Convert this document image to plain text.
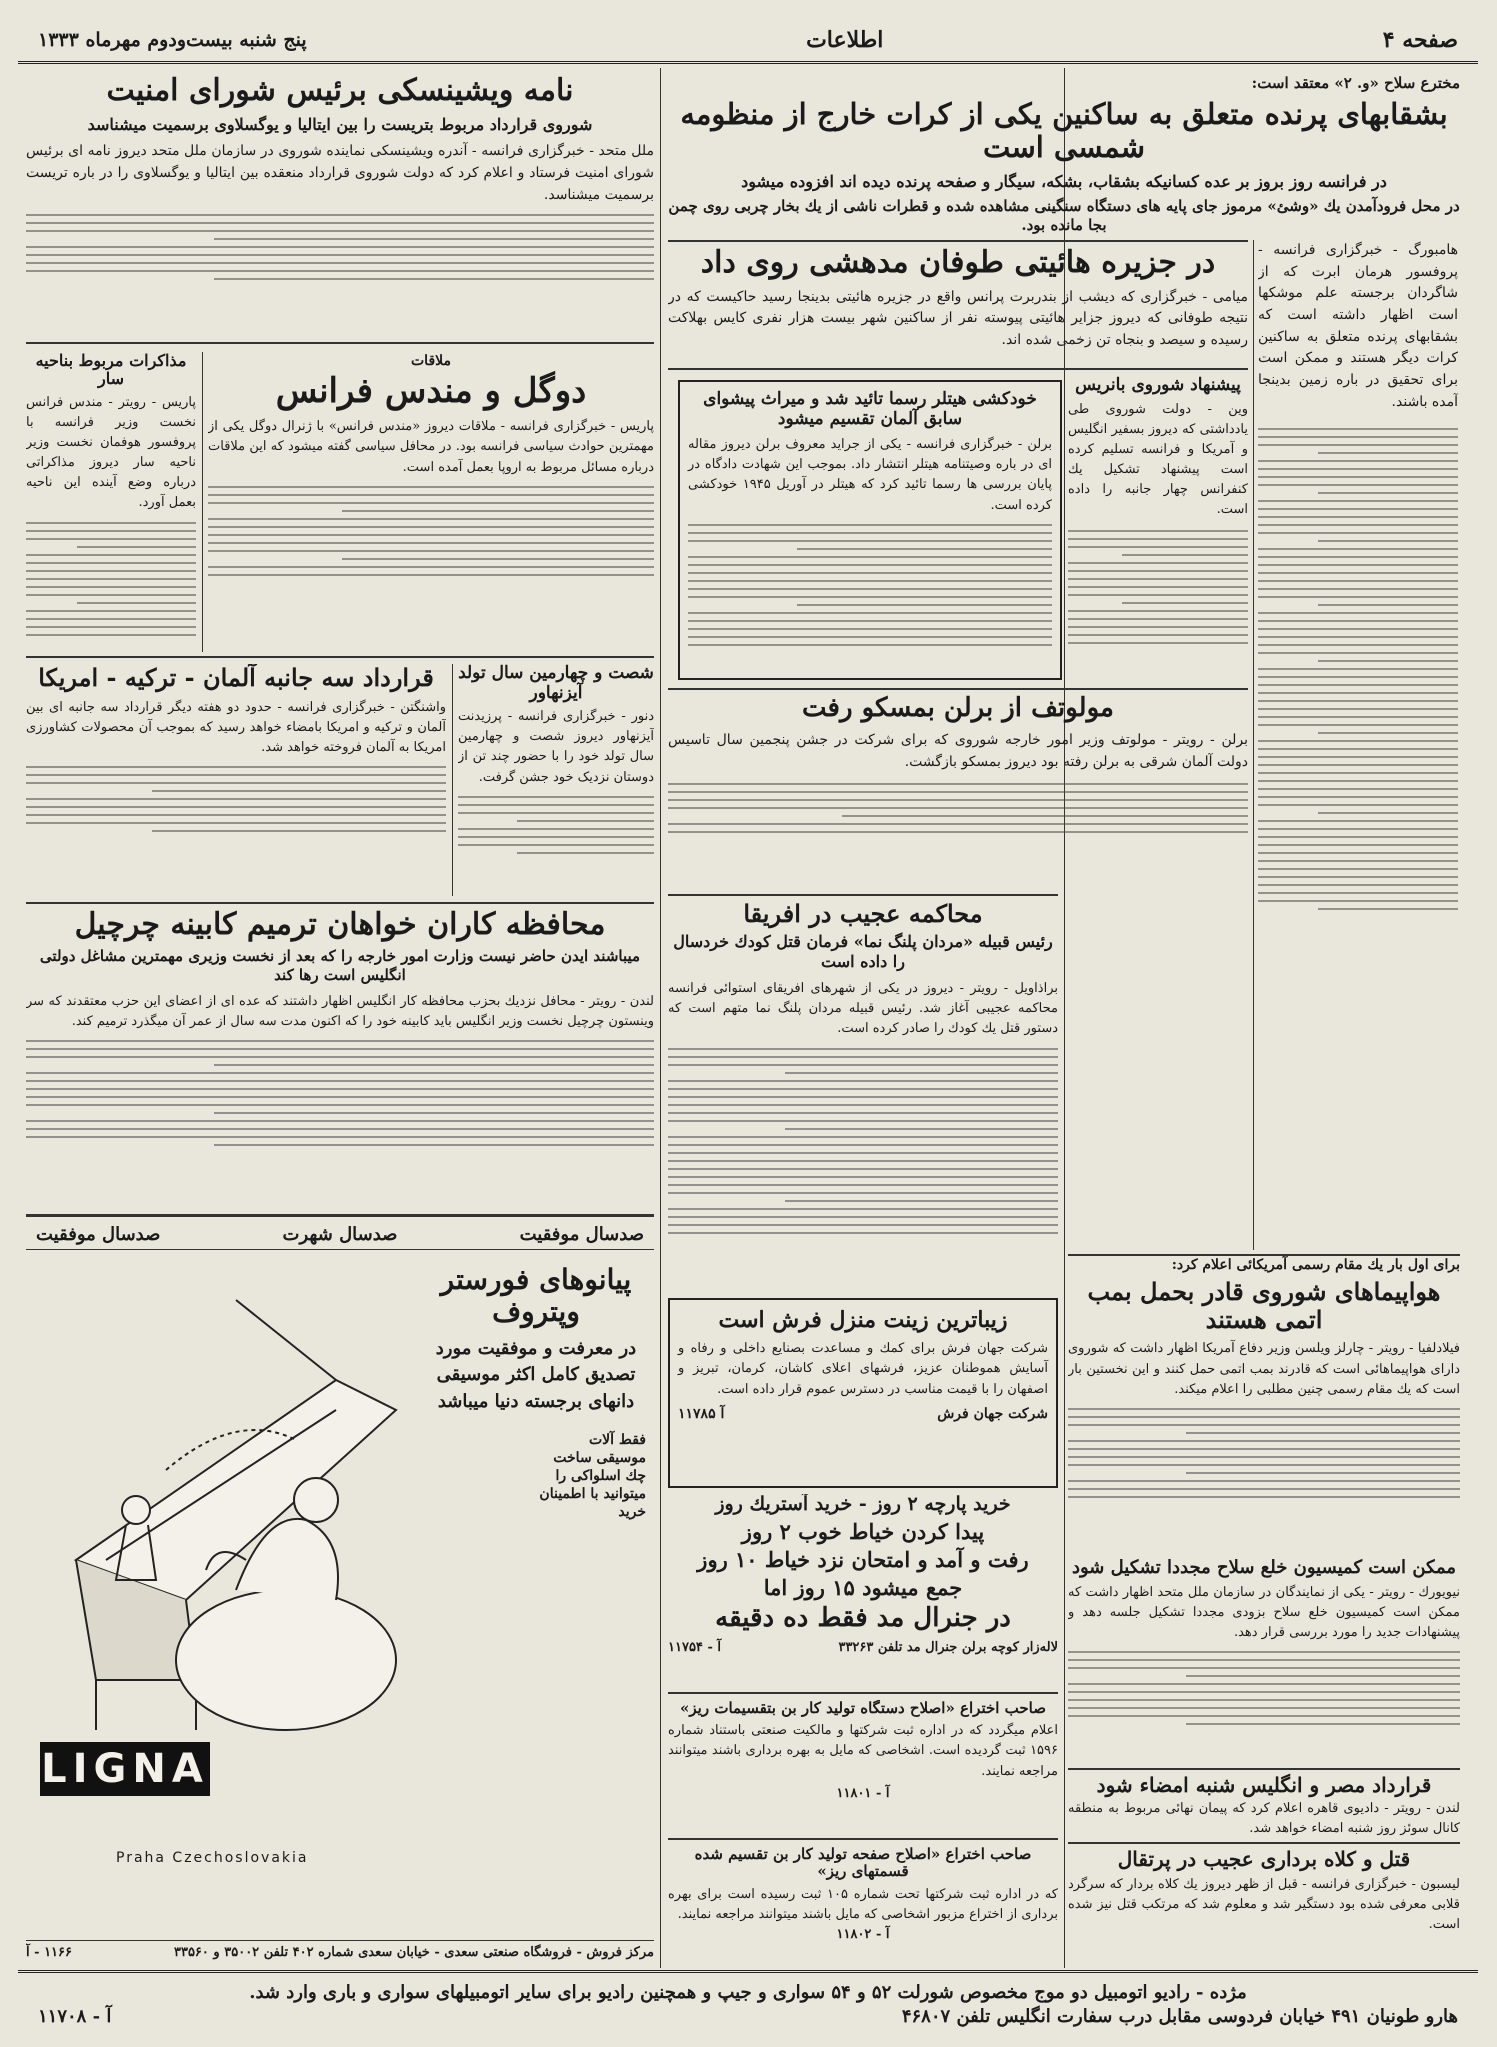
صفحه ۴
اطلاعات
پنج شنبه بیست‌ودوم مهرماه ۱۳۳۳
مخترع سلاح «و. ۲» معتقد است:
بشقابهای پرنده متعلق به ساکنین یکی از کرات خارج از منظومه شمسی است
در فرانسه روز بروز بر عده کسانیکه بشقاب، بشکه، سیگار و صفحه پرنده دیده اند افزوده میشود
در محل فرودآمدن یك «وشئ» مرموز جای پایه های دستگاه سنگینی مشاهده شده و قطرات ناشی از یك بخار چربی روی چمن بجا مانده بود.
هامبورگ - خبرگزاری فرانسه - پروفسور هرمان ابرت که از شاگردان برجسته علم موشکها است اظهار داشته است که بشقابهای پرنده متعلق به ساکنین کرات دیگر هستند و ممکن است برای تحقیق در باره زمین بدینجا آمده باشند.
در جزیره هائیتی طوفان مدهشی روی داد
میامی - خبرگزاری که دیشب از بندربرت پرانس واقع در جزیره هائیتی بدینجا رسید حاکیست که در نتیجه طوفانی که دیروز جزایر هائیتی پیوسته نفر از ساکنین شهر بیست هزار نفری کایس بهلاکت رسیده و سیصد و بنجاه تن زخمی شده اند.
پیشنهاد شوروی بانریس
وین - دولت شوروی طی یادداشتی که دیروز بسفیر انگلیس و آمریکا و فرانسه تسلیم کرده است پیشنهاد تشکیل یك کنفرانس چهار جانبه را داده است.
خودکشی هیتلر رسما تائید شد و میراث پیشوای سابق آلمان تقسیم میشود
برلن - خبرگزاری فرانسه - یکی از جراید معروف برلن دیروز مقاله ای در باره وصیتنامه هیتلر انتشار داد. بموجب این شهادت دادگاه در پایان بررسی ها رسما تائید کرد که هیتلر در آوریل ۱۹۴۵ خودکشی کرده است.
مولوتف از برلن بمسکو رفت
برلن - رویتر - مولوتف وزیر امور خارجه شوروی که برای شرکت در جشن پنجمین سال تاسیس دولت آلمان شرقی به برلن رفته بود دیروز بمسکو بازگشت.
محاکمه عجیب در افریقا
رئیس قبیله «مردان پلنگ نما» فرمان قتل کودك خردسال را داده است
براذاویل - رویتر - دیروز در یکی از شهرهای افریقای استوائی فرانسه محاکمه عجیبی آغاز شد. رئیس قبیله مردان پلنگ نما متهم است که دستور قتل یك کودك را صادر کرده است.
زیباترین زینت منزل فرش است
شرکت جهان فرش برای کمك و مساعدت بصنایع داخلی و رفاه و آسایش هموطنان عزیز، فرشهای اعلای کاشان، کرمان، تبریز و اصفهان را با قیمت مناسب در دسترس عموم قرار داده است.
شرکت جهان فرش
آ ۱۱۷۸۵
خرید پارچه ۲ روز - خرید آستریك روز
پیدا کردن خیاط خوب ۲ روز
رفت و آمد و امتحان نزد خیاط ۱۰ روز
جمع میشود ۱۵ روز اما
در جنرال مد فقط ده دقیقه
لاله‌زار کوچه برلن جنرال مد تلفن ۳۳۲۶۳
آ - ۱۱۷۵۴
صاحب اختراع «اصلاح دستگاه تولید کار بن بتقسیمات ریز»
اعلام میگردد که در اداره ثبت شرکتها و مالکیت صنعتی باستناد شماره ۱۵۹۶ ثبت گردیده است. اشخاصی که مایل به بهره برداری باشند میتوانند مراجعه نمایند.
آ - ۱۱۸۰۱
صاحب اختراع «اصلاح صفحه تولید کار بن تقسیم شده قسمتهای ریز»
که در اداره ثبت شرکتها تحت شماره ۱۰۵ ثبت رسیده است برای بهره برداری از اختراع مزبور اشخاصی که مایل باشند میتوانند مراجعه نمایند.
آ - ۱۱۸۰۲
برای اول بار یك مقام رسمی آمریکائی اعلام کرد:
هواپیماهای شوروی قادر بحمل بمب اتمی هستند
فیلادلفیا - رویتر - چارلز ویلسن وزیر دفاع آمریکا اظهار داشت که شوروی دارای هواپیماهائی است که قادرند بمب اتمی حمل کنند و این نخستین بار است که یك مقام رسمی چنین مطلبی را اعلام میکند.
ممکن است کمیسیون خلع سلاح مجددا تشکیل شود
نیویورك - رویتر - یکی از نمایندگان در سازمان ملل متحد اظهار داشت که ممکن است کمیسیون خلع سلاح بزودی مجددا تشکیل جلسه دهد و پیشنهادات جدید را مورد بررسی قرار دهد.
قرارداد مصر و انگلیس شنبه امضاء شود
لندن - رویتر - دادیوی قاهره اعلام کرد که پیمان نهائی مربوط به منطقه کانال سوئز روز شنبه امضاء خواهد شد.
قتل و کلاه برداری عجیب در پرتقال
لیسبون - خبرگزاری فرانسه - قبل از ظهر دیروز یك کلاه بردار که سرگرد قلابی معرفی شده بود دستگیر شد و معلوم شد که مرتکب قتل نیز شده است.
نامه ویشینسکی برئیس شورای امنیت
شوروی قرارداد مربوط بتریست را بین ایتالیا و یوگسلاوی برسمیت میشناسد
ملل متحد - خبرگزاری فرانسه - آندره ویشینسکی نماینده شوروی در سازمان ملل متحد دیروز نامه ای برئیس شورای امنیت فرستاد و اعلام کرد که دولت شوروی قرارداد منعقده بین ایتالیا و یوگسلاوی را در باره تریست برسمیت میشناسد.
ملاقات
دوگل و مندس فرانس
پاریس - خبرگزاری فرانسه - ملاقات دیروز «مندس فرانس» با ژنرال دوگل یکی از مهمترین حوادث سیاسی فرانسه بود. در محافل سیاسی گفته میشود که این ملاقات درباره مسائل مربوط به اروپا بعمل آمده است.
مذاکرات مربوط بناحیه سار
پاریس - رویتر - مندس فرانس نخست وزیر فرانسه با پروفسور هوفمان نخست وزیر ناحیه سار دیروز مذاکراتی درباره وضع آینده این ناحیه بعمل آورد.
شصت و چهارمین سال تولد آیزنهاور
دنور - خبرگزاری فرانسه - پرزیدنت آیزنهاور دیروز شصت و چهارمین سال تولد خود را با حضور چند تن از دوستان نزدیک خود جشن گرفت.
قرارداد سه جانبه آلمان - ترکیه - امریکا
واشنگتن - خبرگزاری فرانسه - حدود دو هفته دیگر قرارداد سه جانبه ای بین آلمان و ترکیه و امریکا بامضاء خواهد رسید که بموجب آن محصولات کشاورزی امریکا به آلمان فروخته خواهد شد.
محافظه کاران خواهان ترمیم کابینه چرچیل
میباشند ایدن حاضر نیست وزارت امور خارجه را که بعد از نخست وزیری مهمترین مشاغل دولتی انگلیس است رها کند
لندن - رویتر - محافل نزدیك بحزب محافظه کار انگلیس اظهار داشتند که عده ای از اعضای این حزب معتقدند که سر وینستون چرچیل نخست وزیر انگلیس باید کابینه خود را که اکنون مدت سه سال از عمر آن میگذرد ترمیم کند.
صدسال موفقیت
صدسال شهرت
صدسال موفقیت
پیانوهای فورستر وپتروف
در معرفت و موفقیت مورد تصدیق کامل اکثر موسیقی دانهای برجسته دنیا میباشد
فقط آلات موسیقی ساخت چك اسلواکی را میتوانید با اطمینان خرید
Praha Czechoslovakia
مرکز فروش - فروشگاه صنعتی سعدی - خیابان سعدی شماره ۴۰۲ تلفن ۳۵۰۰۲ و ۳۳۵۶۰
۱۱۶۶ - آ
مژده - رادیو اتومبیل دو موج مخصوص شورلت ۵۲ و ۵۴ سواری و جیپ و همچنین رادیو برای سایر اتومبیلهای سواری و باری وارد شد.
هارو طونیان ۴۹۱ خیابان فردوسی مقابل درب سفارت انگلیس تلفن ۴۶۸۰۷
آ - ۱۱۷۰۸
LIGNA
